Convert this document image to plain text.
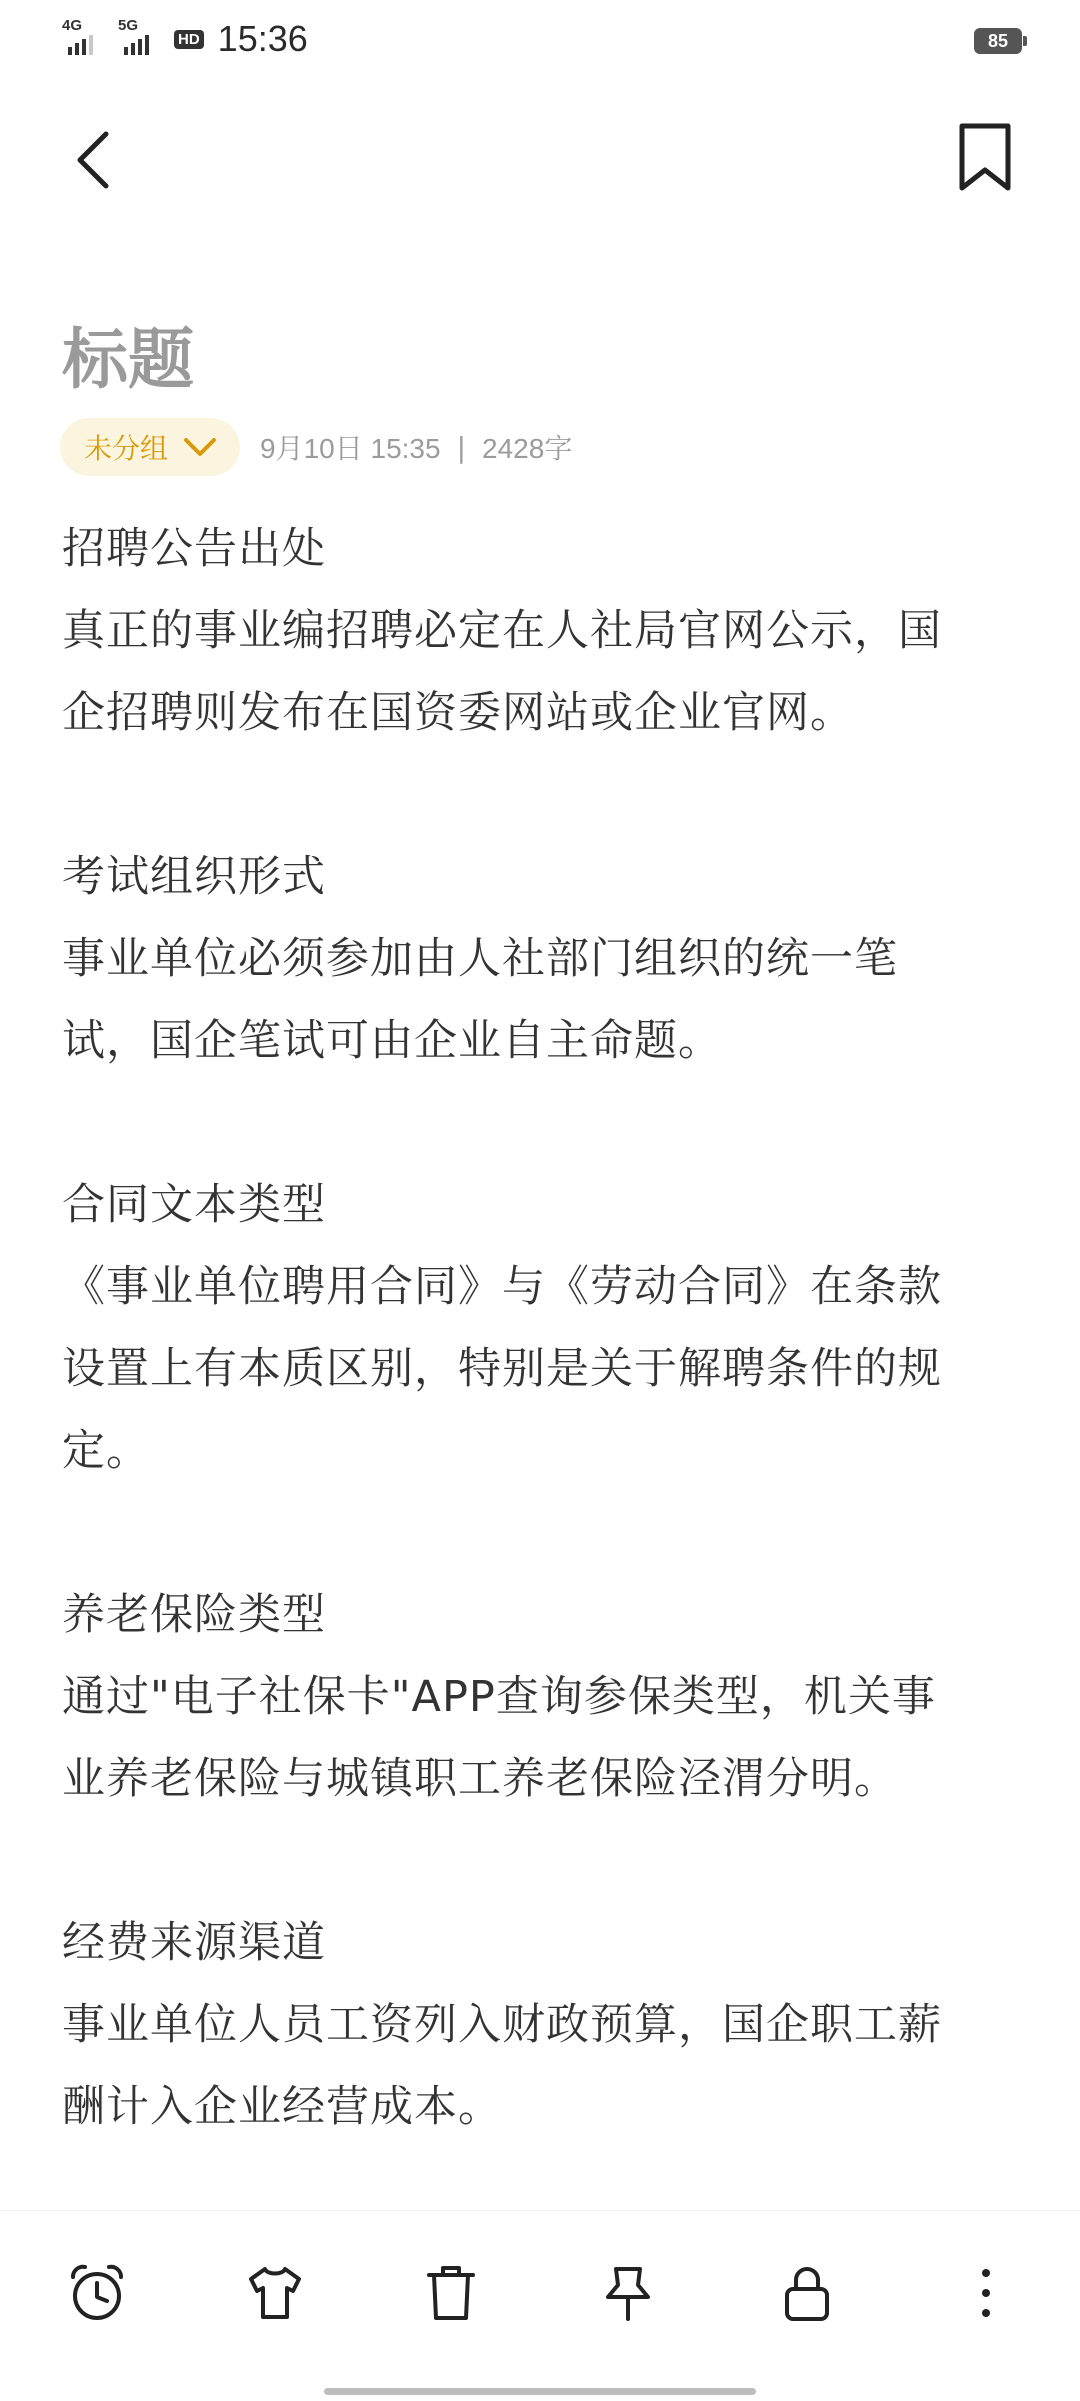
4G 5G
HD 15:36	85
标题
未分组	9月10日 15:35 | 2428字

招聘公告出处

真正的事业编招聘必定在人社局官网公示，国

企招聘则发布在国资委网站或企业官网。

考试组织形式

事业单位必须参加由人社部门组织的统一笔

试，国企笔试可由企业自主命题。

合同文本类型

《事业单位聘用合同》与《劳动合同》在条款

设置上有本质区别，特别是关于解聘条件的规

定。

养老保险类型

通过"电子社保卡"APP查询参保类型，机关事

业养老保险与城镇职工养老保险泾渭分明。

经费来源渠道

事业单位人员工资列入财政预算，国企职工薪

酬计入企业经营成本。
